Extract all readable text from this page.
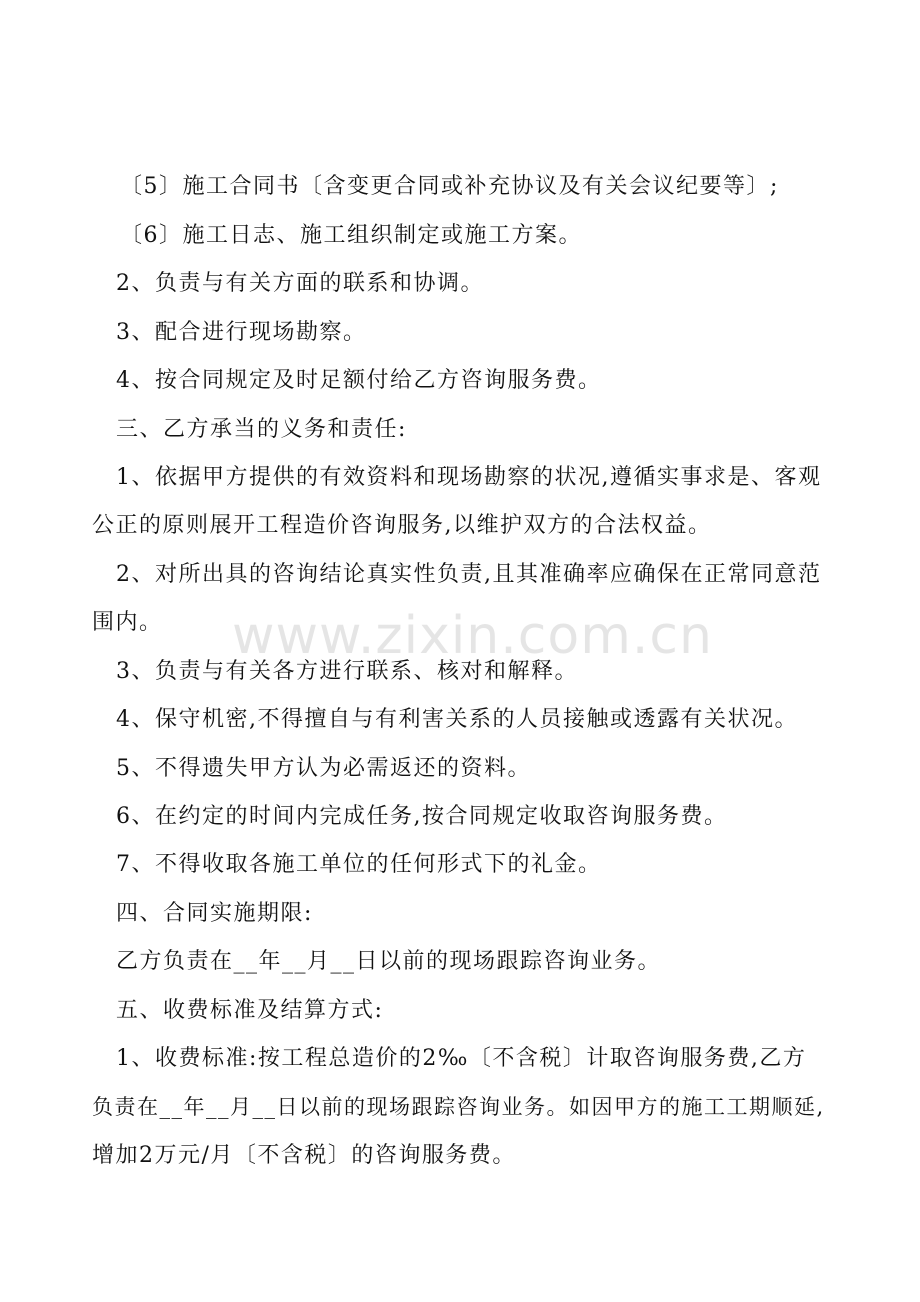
〔5〕施工合同书〔含变更合同或补充协议及有关会议纪要等〕;
〔6〕施工日志、施工组织制定或施工方案。
2、负责与有关方面的联系和协调。
3、配合进行现场勘察。
4、按合同规定及时足额付给乙方咨询服务费。
三、乙方承当的义务和责任:
1、依据甲方提供的有效资料和现场勘察的状况,遵循实事求是、客观
公正的原则展开工程造价咨询服务,以维护双方的合法权益。
2、对所出具的咨询结论真实性负责,且其准确率应确保在正常同意范
围内。
3、负责与有关各方进行联系、核对和解释。
4、保守机密,不得擅自与有利害关系的人员接触或透露有关状况。
5、不得遗失甲方认为必需返还的资料。
6、在约定的时间内完成任务,按合同规定收取咨询服务费。
7、不得收取各施工单位的任何形式下的礼金。
四、合同实施期限:
乙方负责在__年__月__日以前的现场跟踪咨询业务。
五、收费标准及结算方式:
1、收费标准:按工程总造价的2‰〔不含税〕计取咨询服务费,乙方
负责在__年__月__日以前的现场跟踪咨询业务。如因甲方的施工工期顺延,
增加2万元/月〔不含税〕的咨询服务费。
www.zixin.com.cn
